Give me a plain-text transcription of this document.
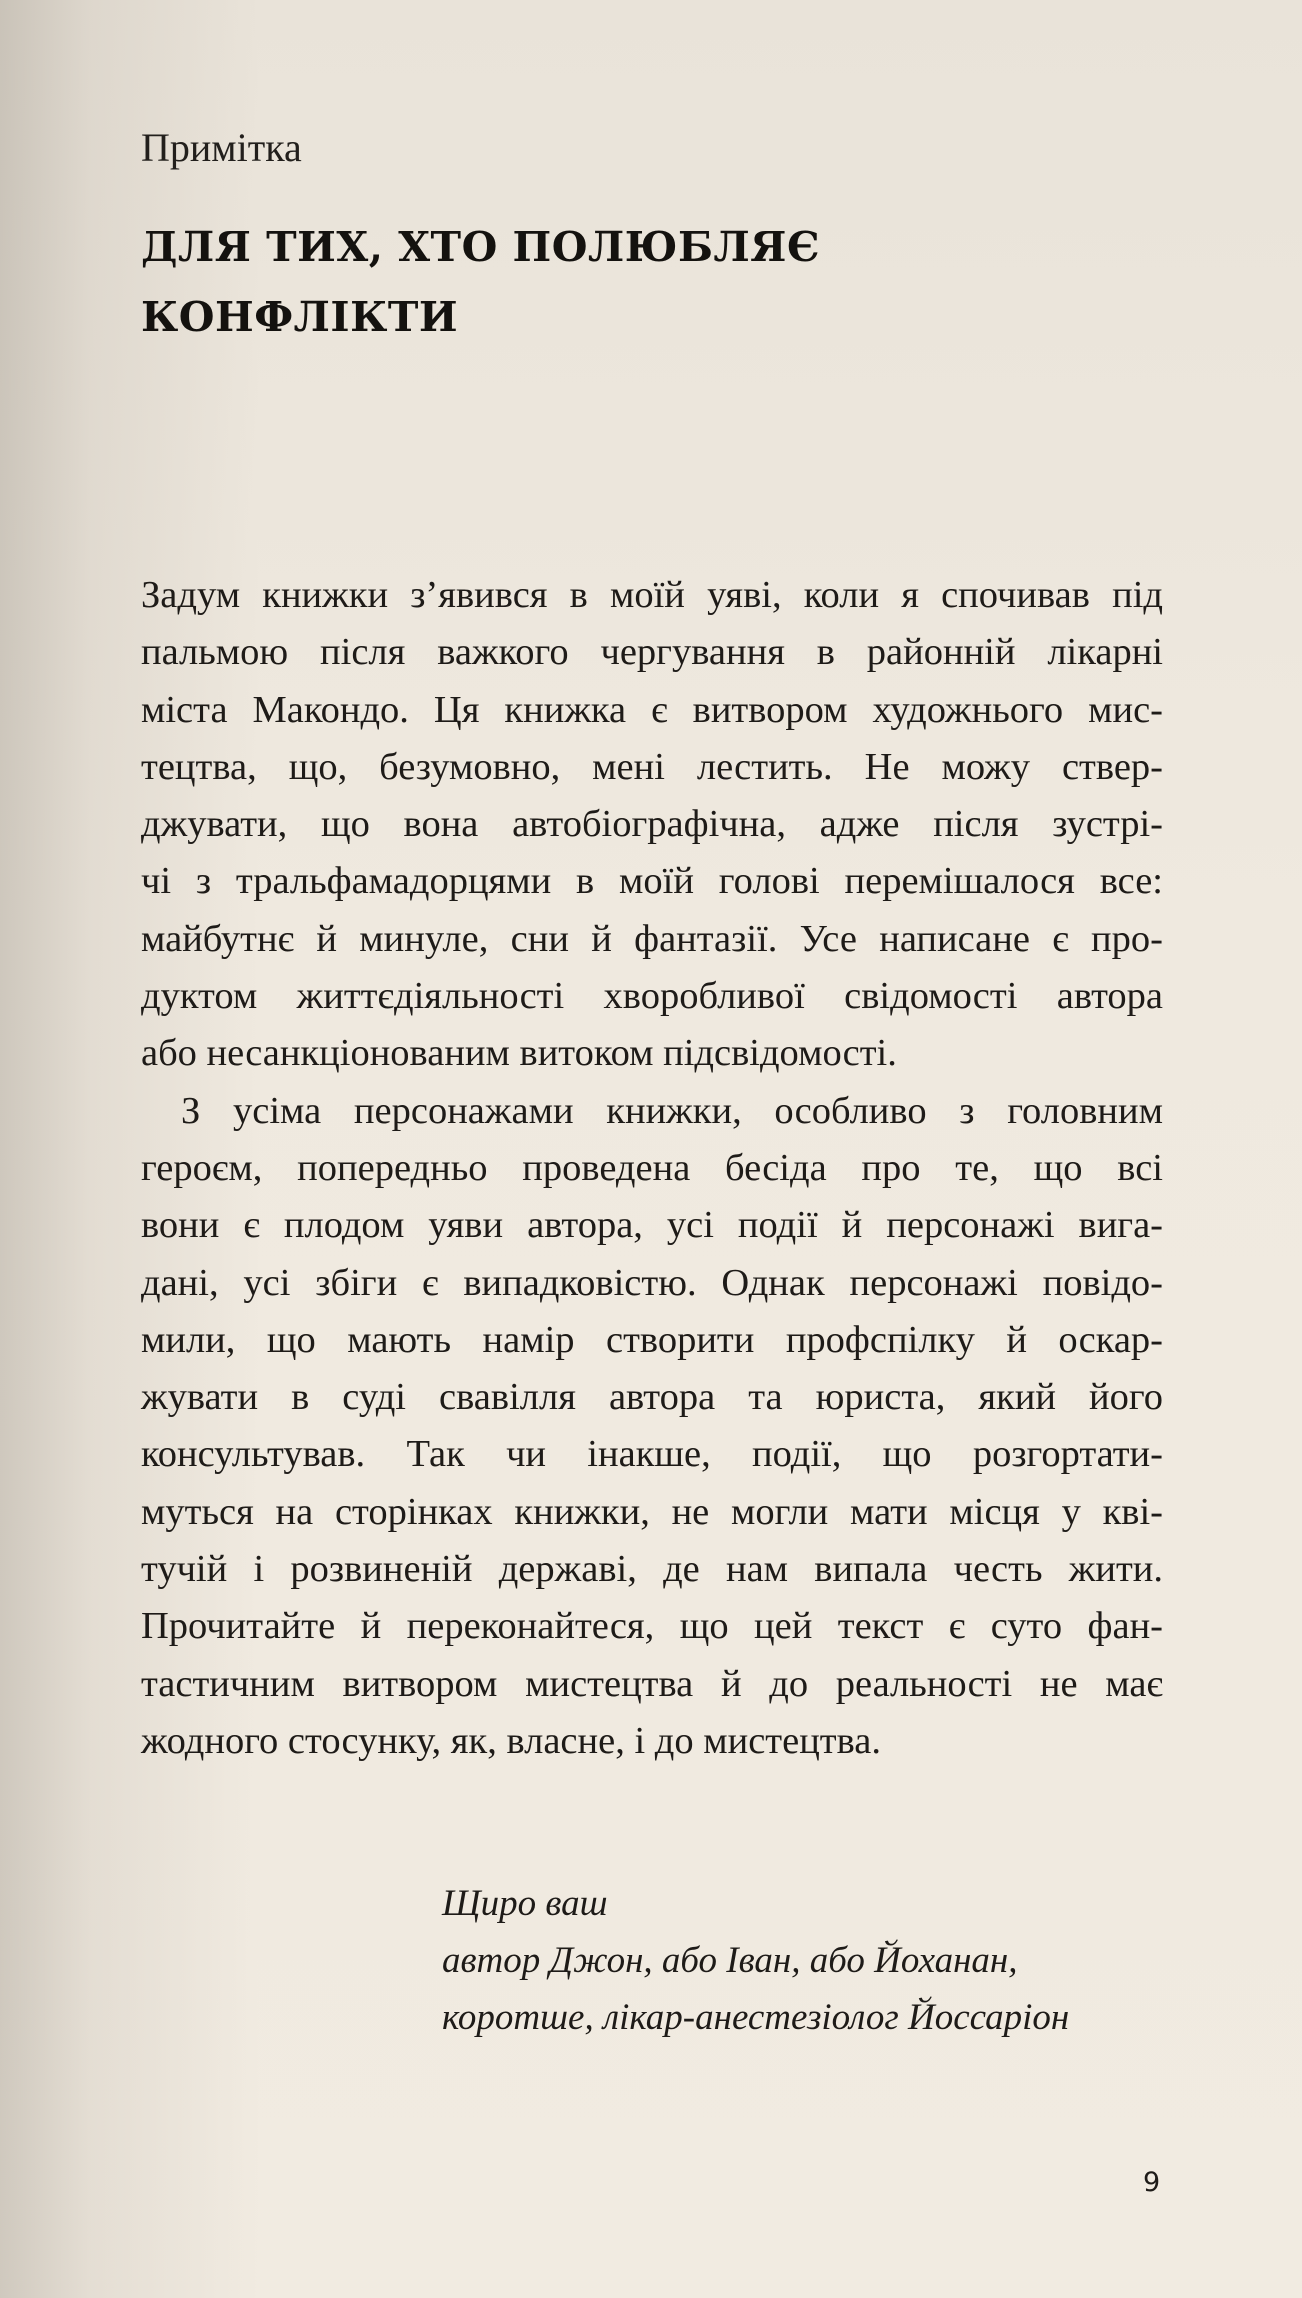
Примітка
ДЛЯ ТИХ, ХТО ПОЛЮБЛЯЄ
КОНФЛІКТИ
Задум книжки з’явився в моїй уяві, коли я спочивав під
пальмою після важкого чергування в районній лікарні
міста Макондо. Ця книжка є витвором художнього мис-
тецтва, що, безумовно, мені лестить. Не можу ствер-
джувати, що вона автобіографічна, адже після зустрі-
чі з тральфамадорцями в моїй голові перемішалося все:
майбутнє й минуле, сни й фантазії. Усе написане є про-
дуктом життєдіяльності хворобливої свідомості автора
або несанкціонованим витоком підсвідомості.
З усіма персонажами книжки, особливо з головним
героєм, попередньо проведена бесіда про те, що всі
вони є плодом уяви автора, усі події й персонажі вига-
дані, усі збіги є випадковістю. Однак персонажі повідо-
мили, що мають намір створити профспілку й оскар-
жувати в суді свавілля автора та юриста, який його
консультував. Так чи інакше, події, що розгортати-
муться на сторінках книжки, не могли мати місця у кві-
тучій і розвиненій державі, де нам випала честь жити.
Прочитайте й переконайтеся, що цей текст є суто фан-
тастичним витвором мистецтва й до реальності не має
жодного стосунку, як, власне, і до мистецтва.
Щиро ваш
автор Джон, або Іван, або Йоханан,
коротше, лікар-анестезіолог Йоссаріон
9
